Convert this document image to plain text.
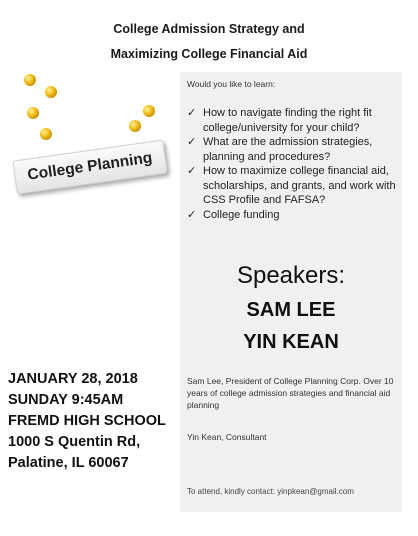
College Admission Strategy and
Maximizing College Financial Aid
College Planning
Would you like to learn:
✓ How to navigate finding the right fit college/university for your child?
✓ What are the admission strategies, planning and procedures?
✓ How to maximize college financial aid, scholarships, and grants, and work with CSS Profile and FAFSA?
✓ College funding
Speakers:
SAM LEE
YIN KEAN
Sam Lee, President of College Planning Corp. Over 10 years of college admission strategies and financial aid planning
Yin Kean, Consultant
To attend, kindly contact: yinpkean@gmail.com
JANUARY 28, 2018
SUNDAY 9:45AM
FREMD HIGH SCHOOL
1000 S Quentin Rd,
Palatine, IL 60067
